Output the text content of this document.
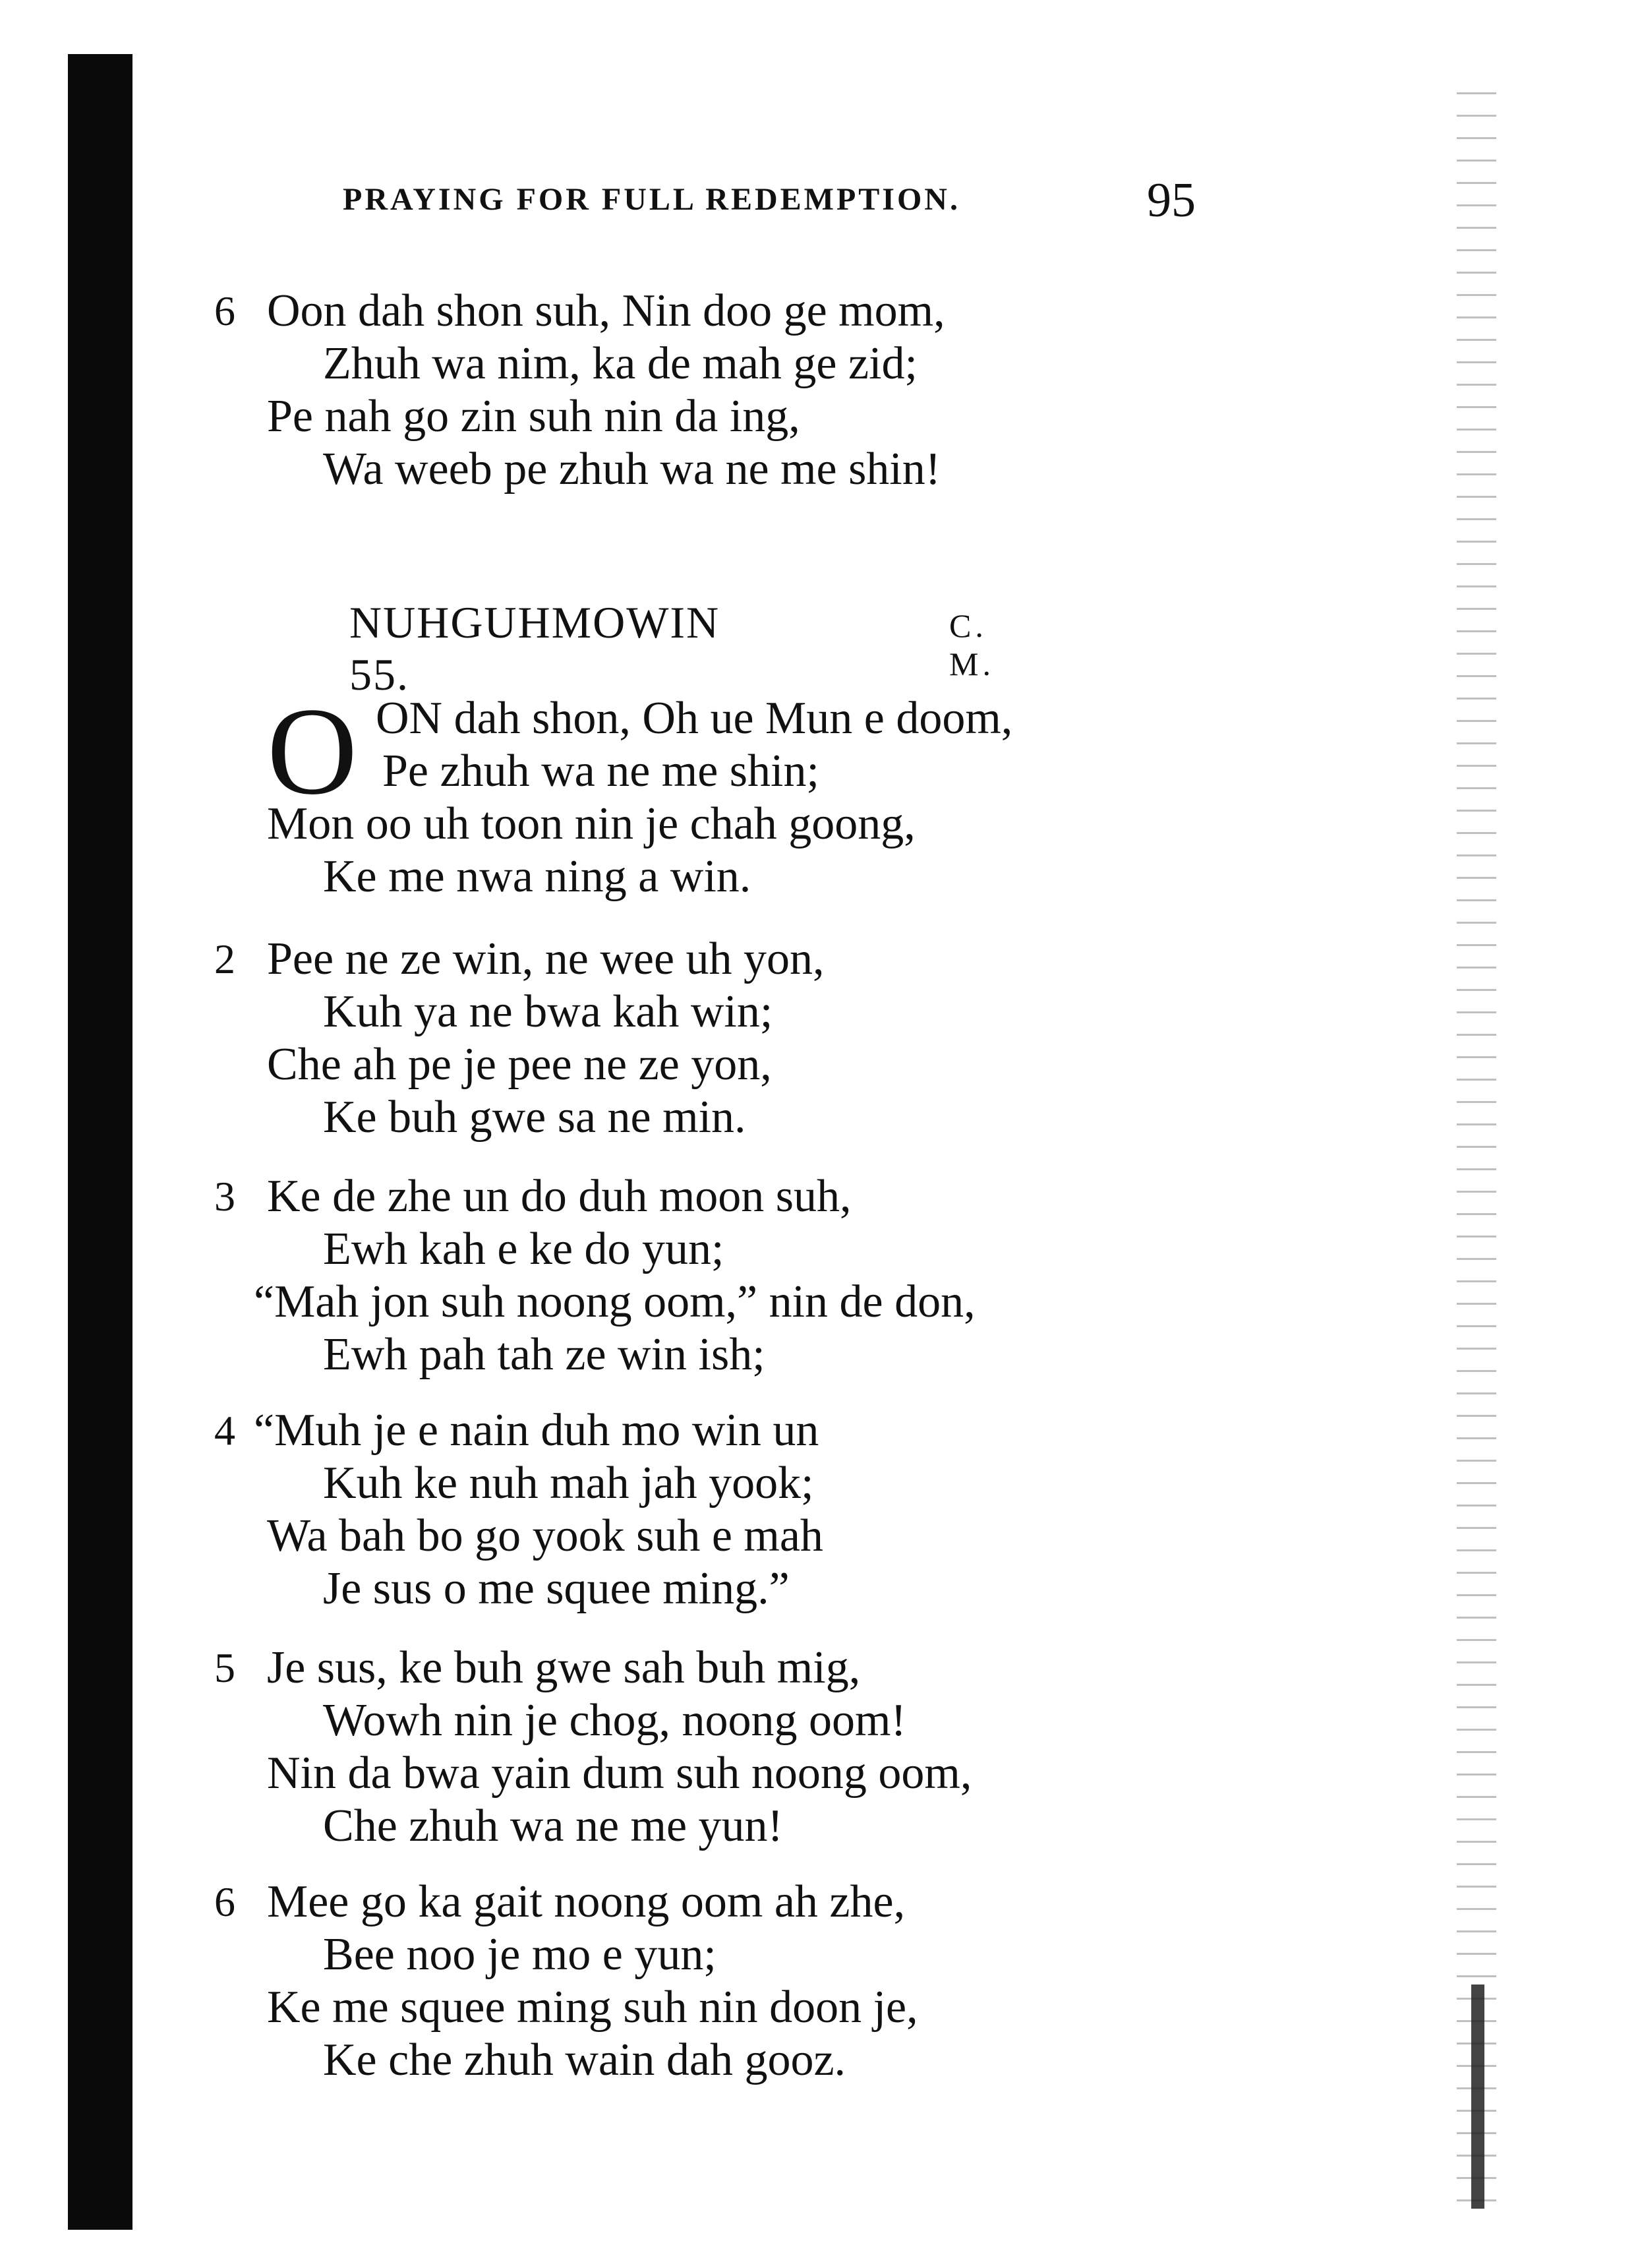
PRAYING FOR FULL REDEMPTION.	95
6 Oon dah shon suh, Nin doo ge mom,
Zhuh wa nim, ka de mah ge zid;
Pe nah go zin suh nin da ing,
Wa weeb pe zhuh wa ne me shin!
NUHGUHMOWIN 55.
C. M.
O ON dah shon, Oh ue Mun e doom,
Pe zhuh wa ne me shin;
Mon oo uh toon nin je chah goong,
Ke me nwa ning a win.
2 Pee ne ze win, ne wee uh yon,
Kuh ya ne bwa kah win;
Che ah pe je pee ne ze yon,
Ke buh gwe sa ne min.
3 Ke de zhe un do duh moon suh,
Ewh kah e ke do yun;
“Mah jon suh noong oom,” nin de don,
Ewh pah tah ze win ish;
4 “Muh je e nain duh mo win un
Kuh ke nuh mah jah yook;
Wa bah bo go yook suh e mah
Je sus o me squee ming.”
5 Je sus, ke buh gwe sah buh mig,
Wowh nin je chog, noong oom!
Nin da bwa yain dum suh noong oom,
Che zhuh wa ne me yun!
6 Mee go ka gait noong oom ah zhe,
Bee noo je mo e yun;
Ke me squee ming suh nin doon je,
Ke che zhuh wain dah gooz.
